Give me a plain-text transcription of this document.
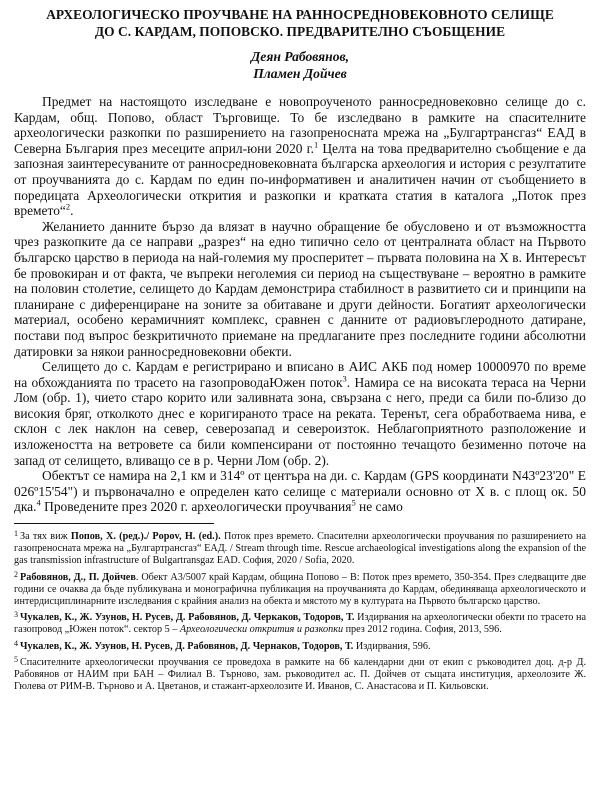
АРХЕОЛОГИЧЕСКО ПРОУЧВАНЕ НА РАННОСРЕДНОВЕКОВНОТО СЕЛИЩЕ
ДО С. КАРДАМ, ПОПОВСКО. ПРЕДВАРИТЕЛНО СЪОБЩЕНИЕ
Деян Рабовянов,
Пламен Дойчев

Предмет на настоящото изследване е новопроученото ранносредновековно селище до с. Кардам, общ. Попово, област Търговище. То бе изследвано в рамките на спасителните археологически разкопки по разширението на газопреносната мрежа на „Булгартрансгаз“ ЕАД в Северна България през месеците април-юни 2020 г.$^1$ Целта на това предварително съобщение е да запозная заинтересуваните от ранносредновековната българска археология и история с резултатите от проучванията до с. Кардам по един по-информативен и аналитичен начин от съобщението в поредицата Археологически открития и разкопки и кратката статия в каталога „Поток през времето“$^2$.

Желанието данните бързо да влязат в научно обращение бе обусловено и от възможността чрез разкопките да се направи „разрез“ на едно типично село от централната област на Първото българско царство в периода на най-големия му просперитет – първата половина на X в. Интересът бе провокиран и от факта, че въпреки неголемия си период на съществуване – вероятно в рамките на половин столетие, селището до Кардам демонстрира стабилност в развитието си и принципи на планиране с диференциране на зоните за обитаване и други дейности. Богатият археологически материал, особено керамичният комплекс, сравнен с данните от радиовъглеродното датиране, постави под въпрос безкритичното приемане на предлаганите през последните години абсолютни датировки за някои ранносредновековни обекти.

Селището до с. Кардам е регистрирано и вписано в АИС АКБ под номер 10000970 по време на обхожданията по трасето на газопроводаЮжен поток$^3$. Намира се на високата тераса на Черни Лом (обр. 1), чието старо корито или заливната зона, свързана с него, преди са били по-близо до високия бряг, отколкото днес е коригираното трасе на реката. Теренът, сега обработваема нива, е склон с лек наклон на север, северозапад и североизток. Неблагоприятното разположение и изложеността на ветровете са били компенсирани от постоянно течащото безименно поточе на запад от селището, вливащо се в р. Черни Лом (обр. 2).

Обектът се намира на 2,1 км и 314º от центъра на ди. с. Кардам (GPS координати N43º23'20" E 026º15'54") и първоначално е определен като селище с материали основно от X в. с площ ок. 50 дка.$^4$ Проведените през 2020 г. археологически проучвания$^5$ не само

$^1$ За тях виж Попов, Х. (ред.)./ Popov, H. (ed.). Поток през времето. Спасителни археологически проучвания по разширението на газопреносната мрежа на „Булгартрансгаз“ ЕАД. / Stream through time. Rescue archaeological investigations along the expansion of the gas transmission infrastructure of Bulgartransgaz EAD. София, 2020 / Sofia, 2020.

$^2$ Рабовянов, Д., П. Дойчев. Обект A3/5007 край Кардам, община Попово – В: Поток през времето, 350-354. През следващите две години се очаква да бъде публикувана и монографична публикация на проучванията до Кардам, обединяваща археологическото и интердисциплинарните изследвания с крайния анализ на обекта и мястото му в културата на Първото българско царство.

$^3$ Чукалев, К., Ж. Узунов, Н. Русев, Д. Рабовянов, Д. Черкаков, Тодоров, Т. Издирвания на археологически обекти по трасето на газопровод „Южен поток“. сектор 5 – Археологически открития и разкопки през 2012 година. София, 2013, 596.

$^4$ Чукалев, К., Ж. Узунов, Н. Русев, Д. Рабовянов, Д. Чернаков, Тодоров, Т. Издирвания, 596.

$^5$ Спасителните археологически проучвания се проведоха в рамките на 66 календарни дни от екип с ръководител доц. д-р Д. Рабовянов от НАИМ при БАН – Филиал В. Търново, зам. ръководител ас. П. Дойчев от същата институция, археолозите Ж. Гюлева от РИМ-В. Търново и А. Цветанов, и стажант-археолозите И. Иванов, С. Анастасова и П. Кильовски.
